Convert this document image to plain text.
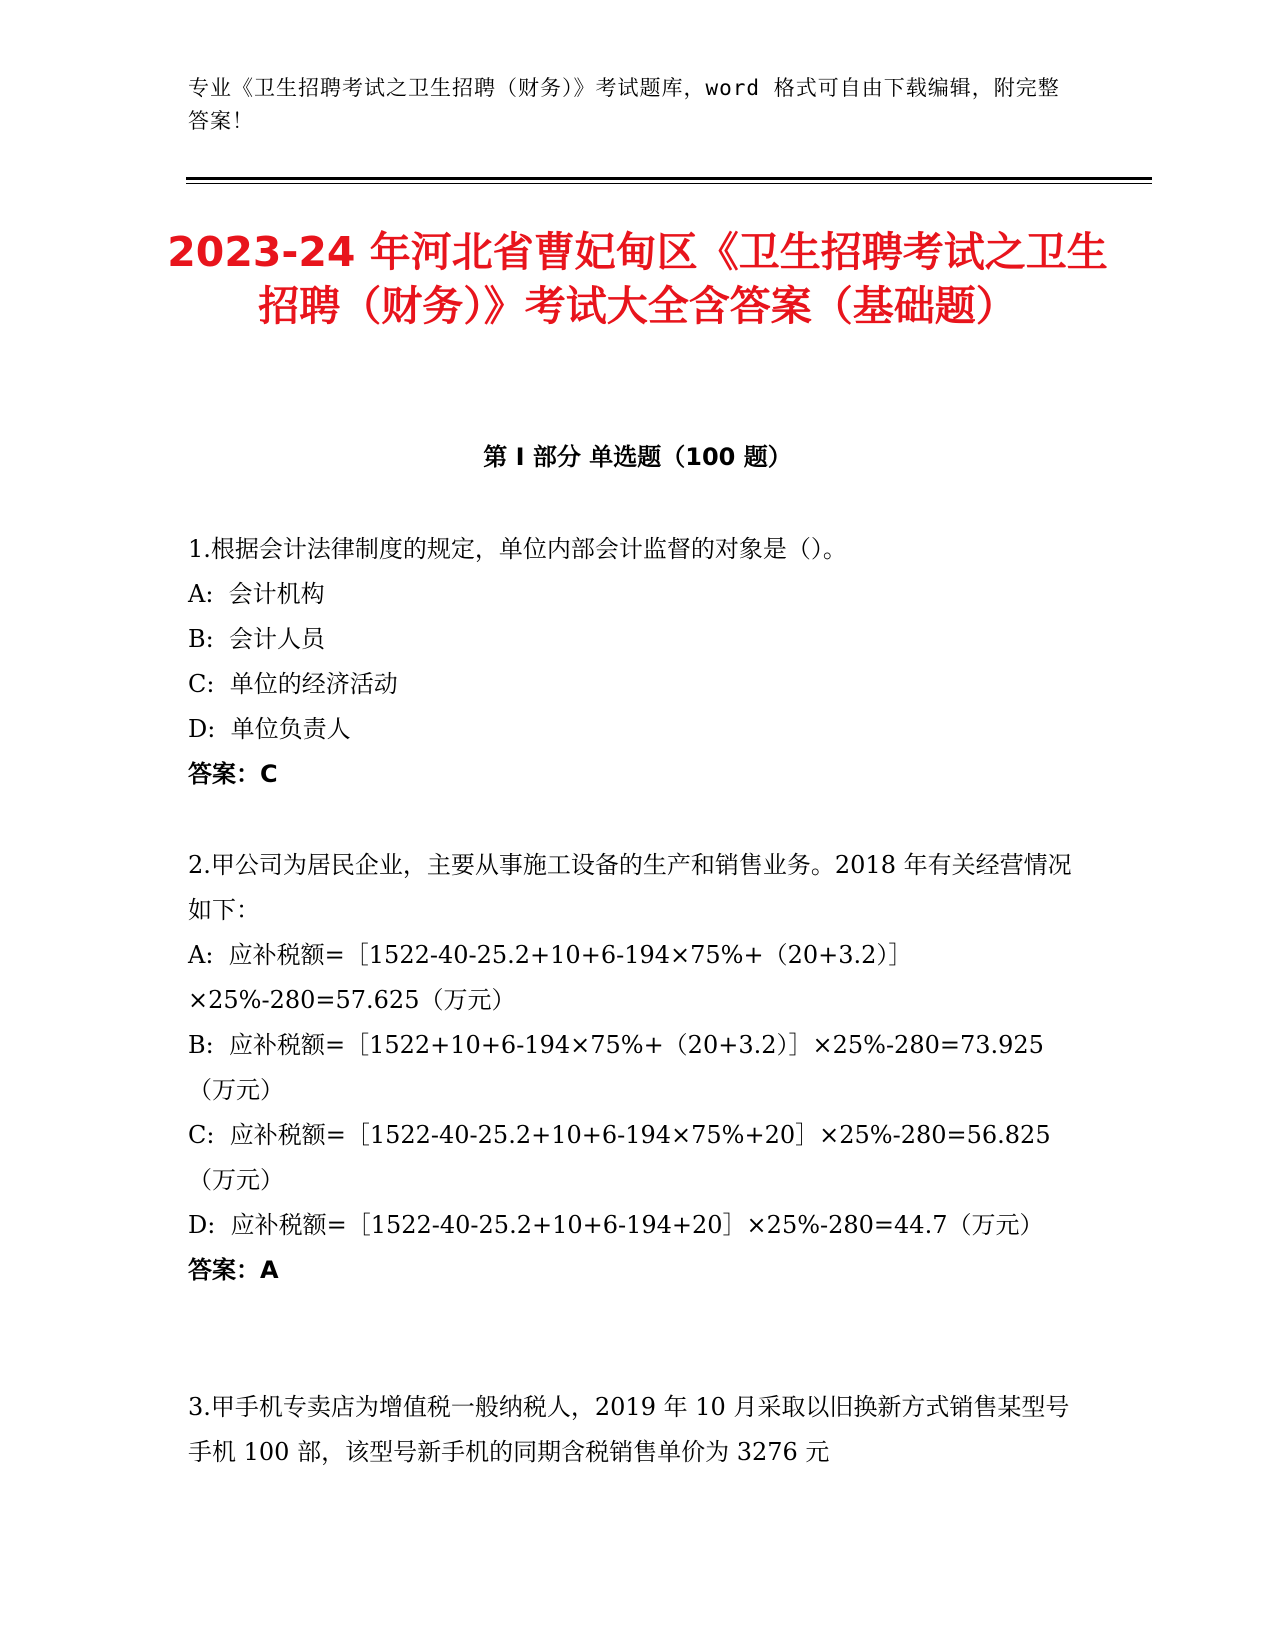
专业《卫生招聘考试之卫生招聘（财务）》考试题库，word 格式可自由下载编辑，附完整答案！
2023-24 年河北省曹妃甸区《卫生招聘考试之卫生招聘（财务）》考试大全含答案（基础题）
第 I 部分 单选题（100 题）
1.根据会计法律制度的规定，单位内部会计监督的对象是（）。
A:  会计机构
B:  会计人员
C:  单位的经济活动
D:  单位负责人
答案：C
2.甲公司为居民企业，主要从事施工设备的生产和销售业务。2018 年有关经营情况如下：
A:  应补税额=［1522-40-25.2+10+6-194×75%+（20+3.2）］×25%-280=57.625（万元）
B:  应补税额=［1522+10+6-194×75%+（20+3.2）］×25%-280=73.925（万元）
C:  应补税额=［1522-40-25.2+10+6-194×75%+20］×25%-280=56.825（万元）
D:  应补税额=［1522-40-25.2+10+6-194+20］×25%-280=44.7（万元）
答案：A
3.甲手机专卖店为增值税一般纳税人，2019 年 10 月采取以旧换新方式销售某型号手机 100 部，该型号新手机的同期含税销售单价为 3276 元
